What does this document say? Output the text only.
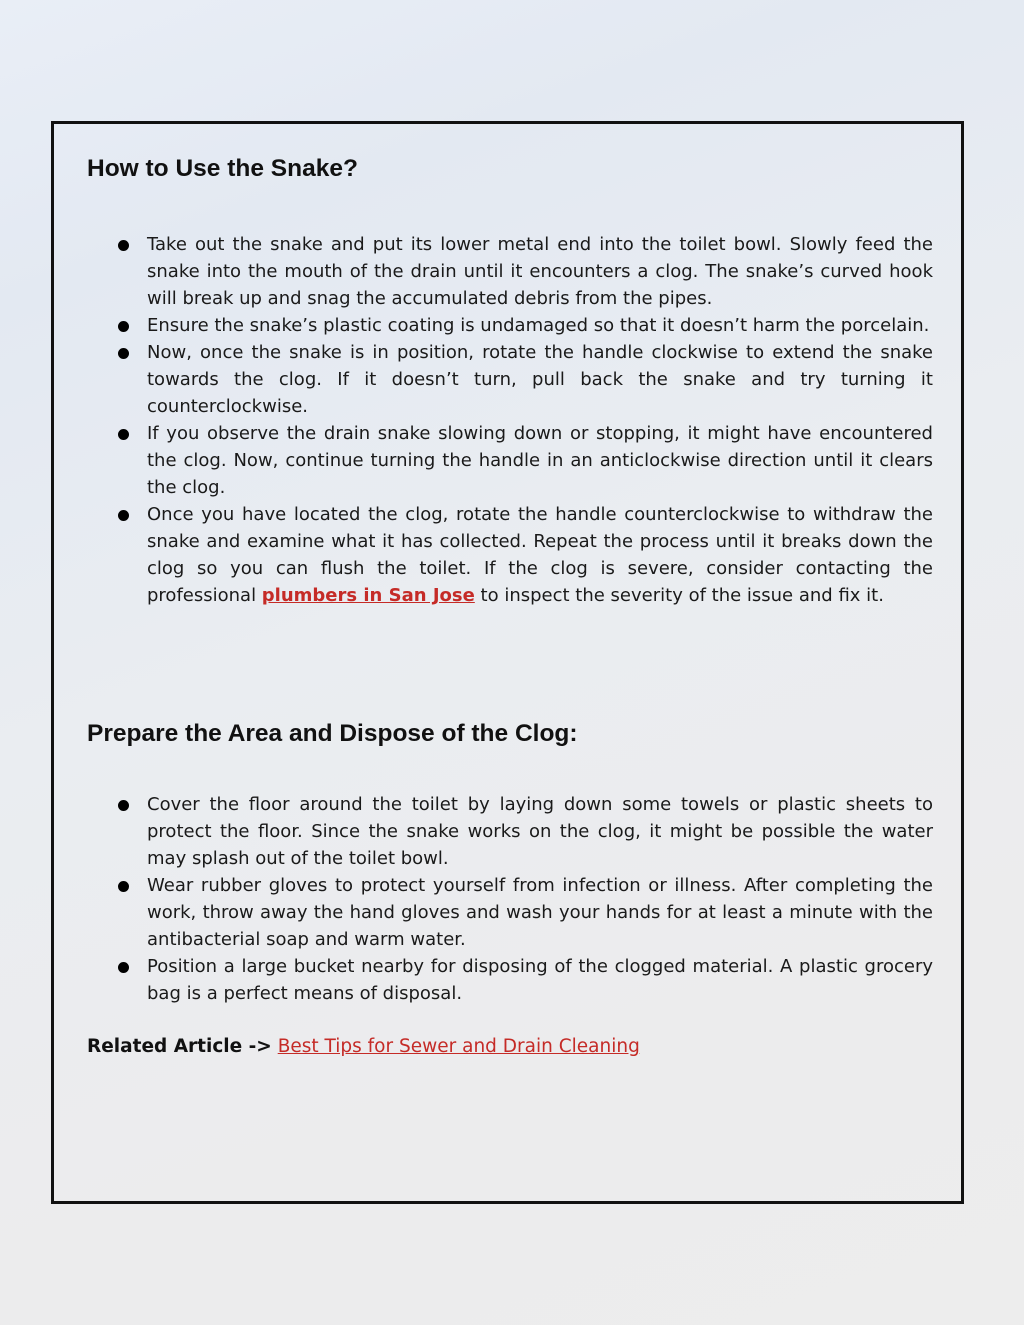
How to Use the Snake?
Take out the snake and put its lower metal end into the toilet bowl. Slowly feed the snake into the mouth of the drain until it encounters a clog. The snake’s curved hook will break up and snag the accumulated debris from the pipes.
Ensure the snake’s plastic coating is undamaged so that it doesn’t harm the porcelain.
Now, once the snake is in position, rotate the handle clockwise to extend the snake towards the clog. If it doesn’t turn, pull back the snake and try turning it counterclockwise.
If you observe the drain snake slowing down or stopping, it might have encountered the clog. Now, continue turning the handle in an anticlockwise direction until it clears the clog.
Once you have located the clog, rotate the handle counterclockwise to withdraw the snake and examine what it has collected. Repeat the process until it breaks down the clog so you can flush the toilet. If the clog is severe, consider contacting the professional plumbers in San Jose to inspect the severity of the issue and fix it.
Prepare the Area and Dispose of the Clog:
Cover the floor around the toilet by laying down some towels or plastic sheets to protect the floor. Since the snake works on the clog, it might be possible the water may splash out of the toilet bowl.
Wear rubber gloves to protect yourself from infection or illness. After completing the work, throw away the hand gloves and wash your hands for at least a minute with the antibacterial soap and warm water.
Position a large bucket nearby for disposing of the clogged material. A plastic grocery bag is a perfect means of disposal.
Related Article -> Best Tips for Sewer and Drain Cleaning
